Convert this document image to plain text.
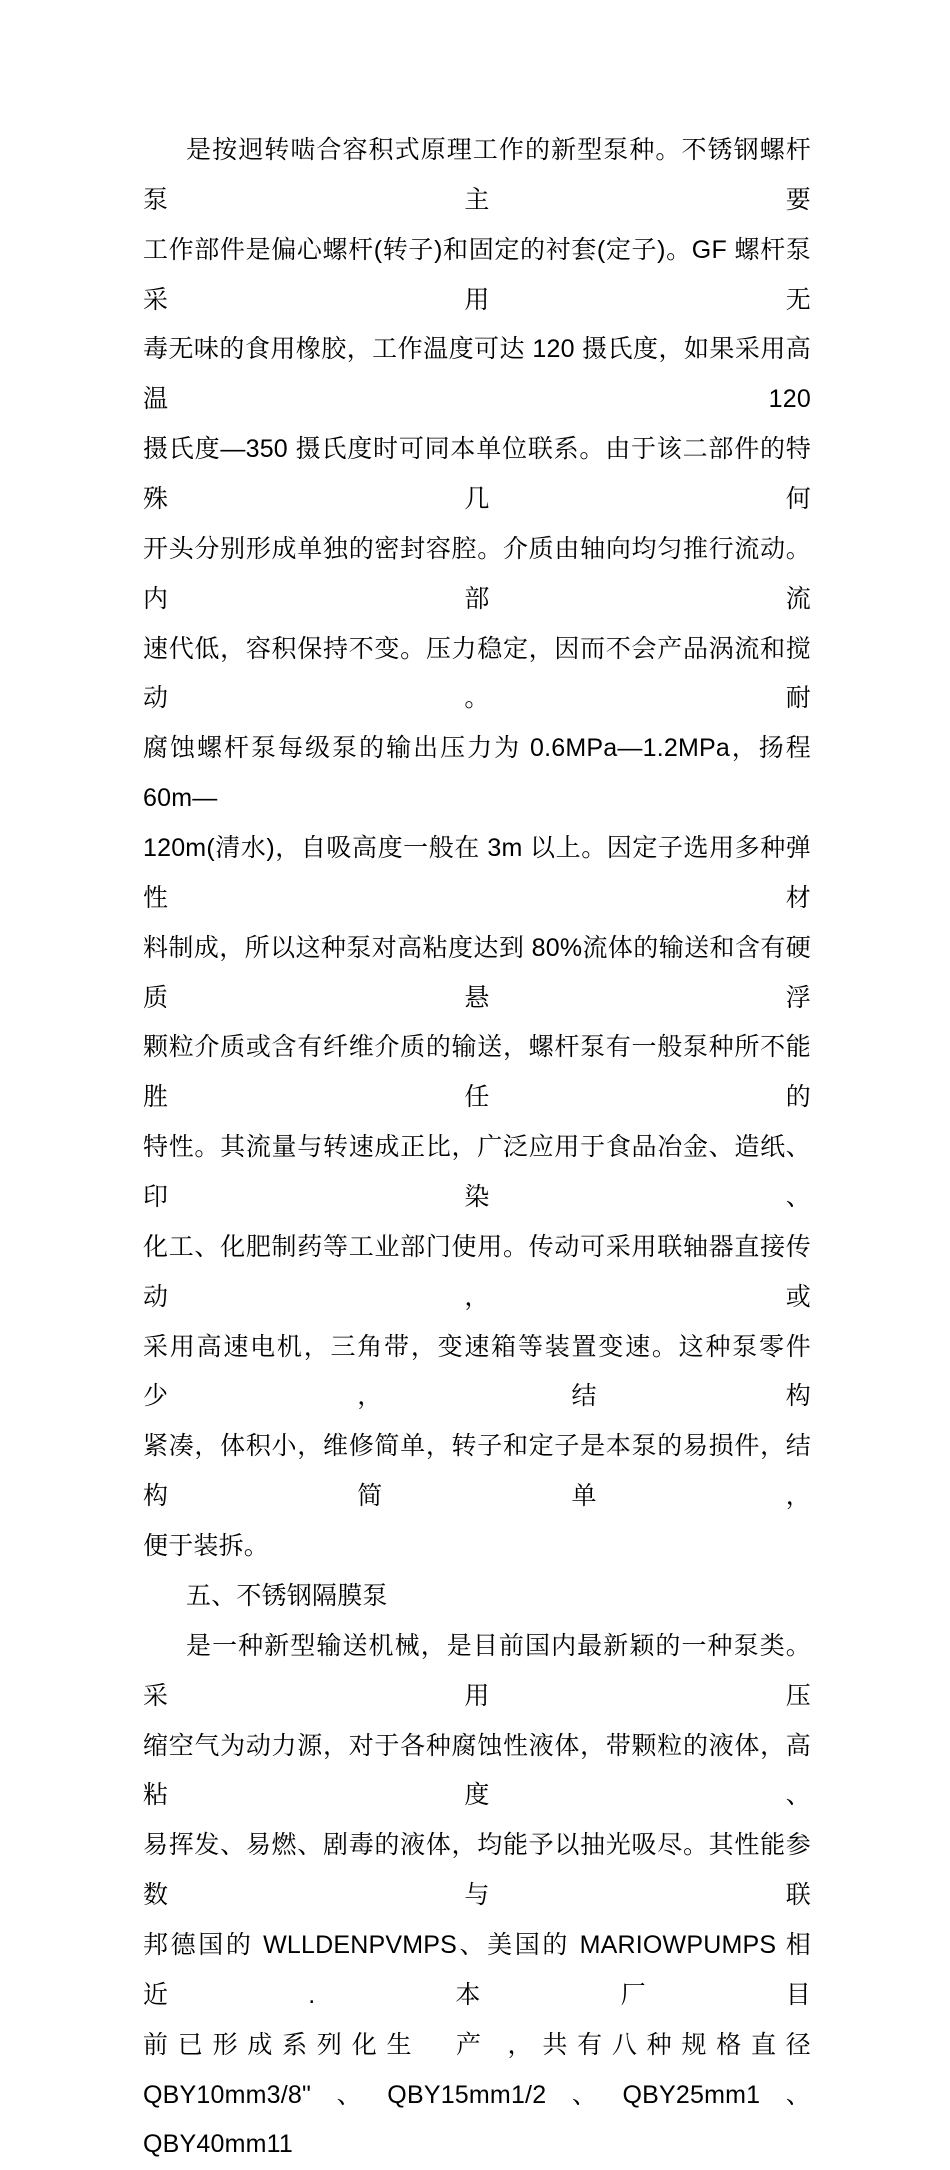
是按迥转啮合容积式原理工作的新型泵种。不锈钢螺杆泵主要
工作部件是偏心螺杆(转子)和固定的衬套(定子)。GF 螺杆泵采用无
毒无味的食用橡胶，工作温度可达 120 摄氏度，如果采用高温 120
摄氏度—350 摄氏度时可同本单位联系。由于该二部件的特殊几何
开头分别形成单独的密封容腔。介质由轴向均匀推行流动。内部流
速代低，容积保持不变。压力稳定，因而不会产品涡流和搅动。耐
腐蚀螺杆泵每级泵的输出压力为 0.6MPa—1.2MPa，扬程 60m—
120m(清水)，自吸高度一般在 3m 以上。因定子选用多种弹性材
料制成，所以这种泵对高粘度达到 80%流体的输送和含有硬质悬浮
颗粒介质或含有纤维介质的输送，螺杆泵有一般泵种所不能胜任的
特性。其流量与转速成正比，广泛应用于食品冶金、造纸、印染、
化工、化肥制药等工业部门使用。传动可采用联轴器直接传动，或
采用高速电机，三角带，变速箱等装置变速。这种泵零件少，结构
紧凑，体积小，维修简单，转子和定子是本泵的易损件，结构简单，
便于装拆。
五、不锈钢隔膜泵
是一种新型输送机械，是目前国内最新颖的一种泵类。采用压
缩空气为动力源，对于各种腐蚀性液体，带颗粒的液体，高粘度、
易挥发、易燃、剧毒的液体，均能予以抽光吸尽。其性能参数与联
邦德国的 WLLDENPVMPS、美国的 MARIOWPUMPS 相近.本厂目
前已形成系列化生　产 ，共有八种规格直径
QBY10mm3/8"、QBY15mm1/2、QBY25mm1、QBY40mm11
